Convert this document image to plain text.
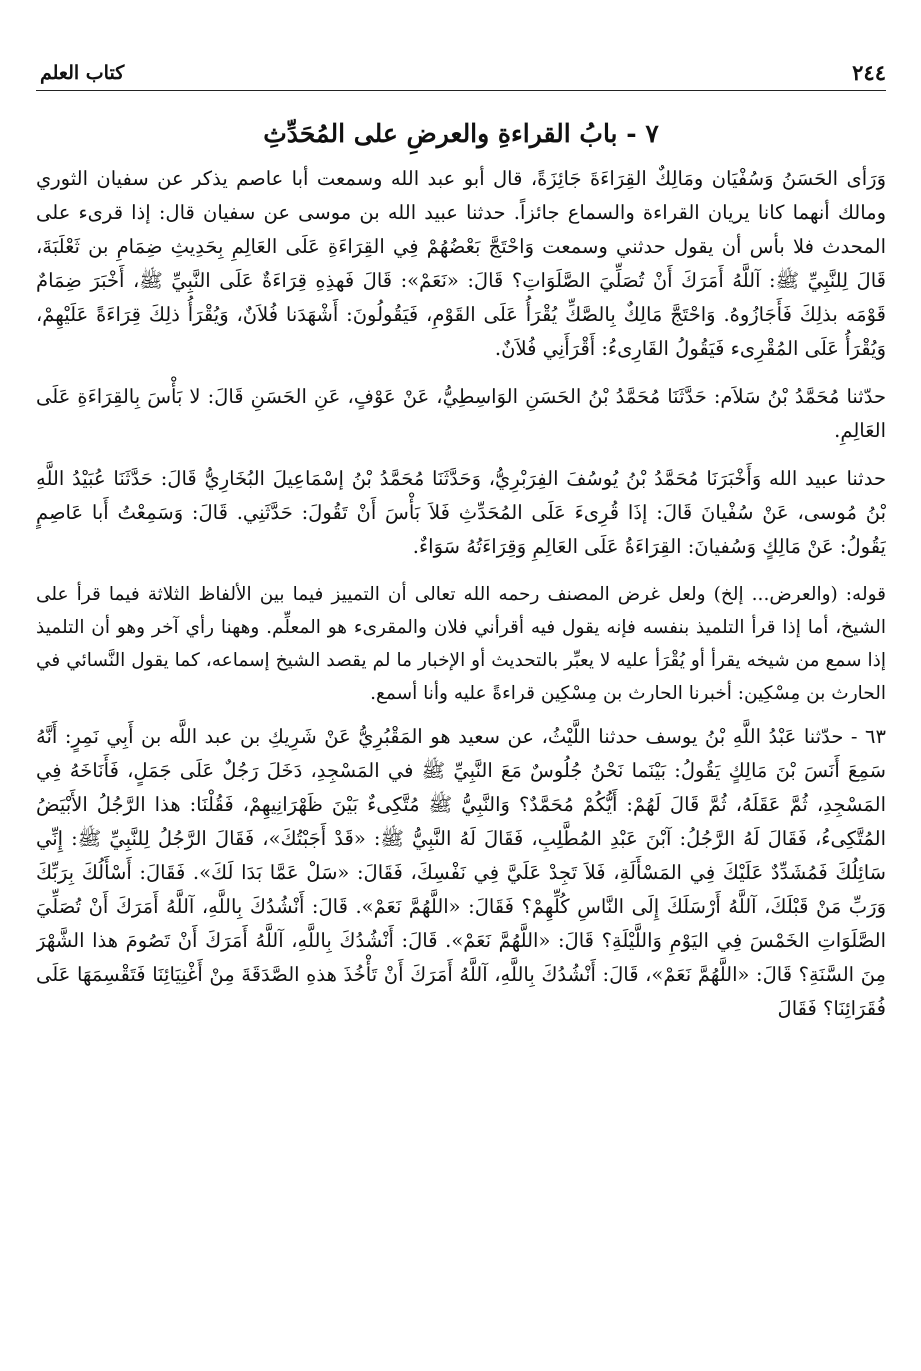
٢٤٤
كتاب العلم
٧ - بابُ القراءةِ والعرضِ على المُحَدِّثِ

وَرَأى الحَسَنُ وَسُفْيَان ومَالِكٌ القِرَاءَةَ جَائِزَةً، قال أبو عبد الله وسمعت أبا عاصم يذكر عن سفيان الثوري ومالك أنهما كانا يريان القراءة والسماع جائزاً. حدثنا عبيد الله بن موسى عن سفيان قال: إذا قرىء على المحدث فلا بأس أن يقول حدثني وسمعت وَاحْتَجَّ بَعْضُهُمْ فِي القِرَاءَةِ عَلَى العَالِمِ بِحَدِيثِ ضِمَامِ بن ثَعْلَبَةَ، قَالَ لِلنَّبِيِّ ﷺ: آللَّهُ أَمَرَكَ أَنْ تُصَلِّيَ الصَّلَوَاتِ؟ قَالَ: «نَعَمْ»: قَالَ فَهذِهِ قِرَاءَةٌ عَلَى النَّبِيِّ ﷺ، أَخْبَرَ ضِمَامٌ قَوْمَه بذلِكَ فَأَجَازُوهُ. وَاحْتَجَّ مَالِكٌ بِالصَّكِّ يُقْرَأُ عَلَى القَوْمِ، فَيَقُولُونَ: أَشْهَدَنا فُلاَنٌ، وَيُقْرَأُ ذلِكَ قِرَاءَةً عَلَيْهِمْ، وَيُقْرَأُ عَلَى المُقْرِىء فَيَقُولُ القَارِىءُ: أَقْرَأَنِي فُلاَنٌ.

حدّثنا مُحَمَّدُ بْنُ سَلاَم: حَدَّثَنَا مُحَمَّدُ بْنُ الحَسَنِ الوَاسِطِيُّ، عَنْ عَوْفٍ، عَنِ الحَسَنِ قَالَ: لا بَأْسَ بِالقِرَاءَةِ عَلَى العَالِمِ.

حدثنا عبيد الله وَأَخْبَرَنَا مُحَمَّدُ بْنُ يُوسُفَ الفِرَبْرِيُّ، وَحَدَّثَنَا مُحَمَّدُ بْنُ إسْمَاعِيلَ البُخَارِيُّ قَالَ: حَدَّثَنَا عُبَيْدُ اللَّهِ بْنُ مُوسى، عَنْ سُفْيانَ قَالَ: إذَا قُرِىءَ عَلَى المُحَدِّثِ فَلاَ بَأْسَ أَنْ تَقُولَ: حَدَّثَنِي. قَالَ: وَسَمِعْتُ أَبا عَاصِمٍ يَقُولُ: عَنْ مَالِكٍ وَسُفيانَ: القِرَاءَةُ عَلَى العَالِمِ وَقِرَاءَتُهُ سَوَاءٌ.

قوله: (والعرض... إلخ) ولعل غرض المصنف رحمه الله تعالى أن التمييز فيما بين الألفاظ الثلاثة فيما قرأ على الشيخ، أما إذا قرأ التلميذ بنفسه فإنه يقول فيه أقرأني فلان والمقرىء هو المعلِّم. وههنا رأي آخر وهو أن التلميذ إذا سمع من شيخه يقرأ أو يُقْرَأ عليه لا يعبِّر بالتحديث أو الإخبار ما لم يقصد الشيخ إسماعه، كما يقول النَّسائي في الحارث بن مِسْكِين: أخبرنا الحارث بن مِسْكِين قراءةً عليه وأنا أسمع.

٦٣ - حدّثنا عَبْدُ اللَّهِ بْنُ يوسف حدثنا اللَّيْثُ، عن سعيد هو المَقْبُرِيُّ عَنْ شَرِيكِ بن عبد اللَّه بن أَبِي نَمِرٍ: أَنَّهُ سَمِعَ أَنَسَ بْنَ مَالِكٍ يَقُولُ: بَيْنَما نَحْنُ جُلُوسٌ مَعَ النَّبِيِّ ﷺ في المَسْجِدِ، دَخَلَ رَجُلٌ عَلَى جَمَلٍ، فَأَنَاخَهُ فِي المَسْجِدِ، ثُمَّ عَقَلَهُ، ثُمَّ قَالَ لَهُمْ: أَيُّكُمْ مُحَمَّدٌ؟ وَالنَّبِيُّ ﷺ مُتَّكِىءٌ بَيْنَ ظَهْرَانِيهِمْ، فَقُلْنَا: هذا الرَّجُلُ الأَبْيَضُ المُتَّكِىءُ، فَقَالَ لَهُ الرَّجُلُ: آبْنَ عَبْدِ المُطَّلِبِ، فَقَالَ لَهُ النَّبِيُّ ﷺ: «قَدْ أَجَبْتُكَ»، فَقَالَ الرَّجُلُ لِلنَّبِيِّ ﷺ: إِنِّي سَائِلُكَ فَمُشَدِّدٌ عَلَيْكَ فِي المَسْأَلَةِ، فَلاَ تَجِدْ عَلَيَّ فِي نَفْسِكَ، فَقَالَ: «سَلْ عَمَّا بَدَا لَكَ». فَقَالَ: أَسْأَلُكَ بِرَبِّكَ وَرَبِّ مَنْ قَبْلَكَ، آللَّهُ أَرْسَلَكَ إِلَى النَّاسِ كُلِّهِمْ؟ فَقَالَ: «اللَّهُمَّ نَعَمْ». قَالَ: أَنْشُدُكَ بِاللَّهِ، آللَّهُ أَمَرَكَ أَنْ تُصَلِّيَ الصَّلَوَاتِ الخَمْسَ فِي اليَوْمِ وَاللَّيْلَةِ؟ قَالَ: «اللَّهُمَّ نَعَمْ». قَالَ: أَنْشُدُكَ بِاللَّهِ، آللَّهُ أَمَرَكَ أَنْ تَصُومَ هذا الشَّهْرَ مِنَ السَّنَةِ؟ قَالَ: «اللَّهُمَّ نَعَمْ»، قَالَ: أَنْشُدُكَ بِاللَّهِ، آللَّهُ أَمَرَكَ أَنْ تَأْخُذَ هذهِ الصَّدَقَةَ مِنْ أَغْنِيَائِنَا فَتَقْسِمَهَا عَلَى فُقَرَائِنَا؟ فَقَالَ
